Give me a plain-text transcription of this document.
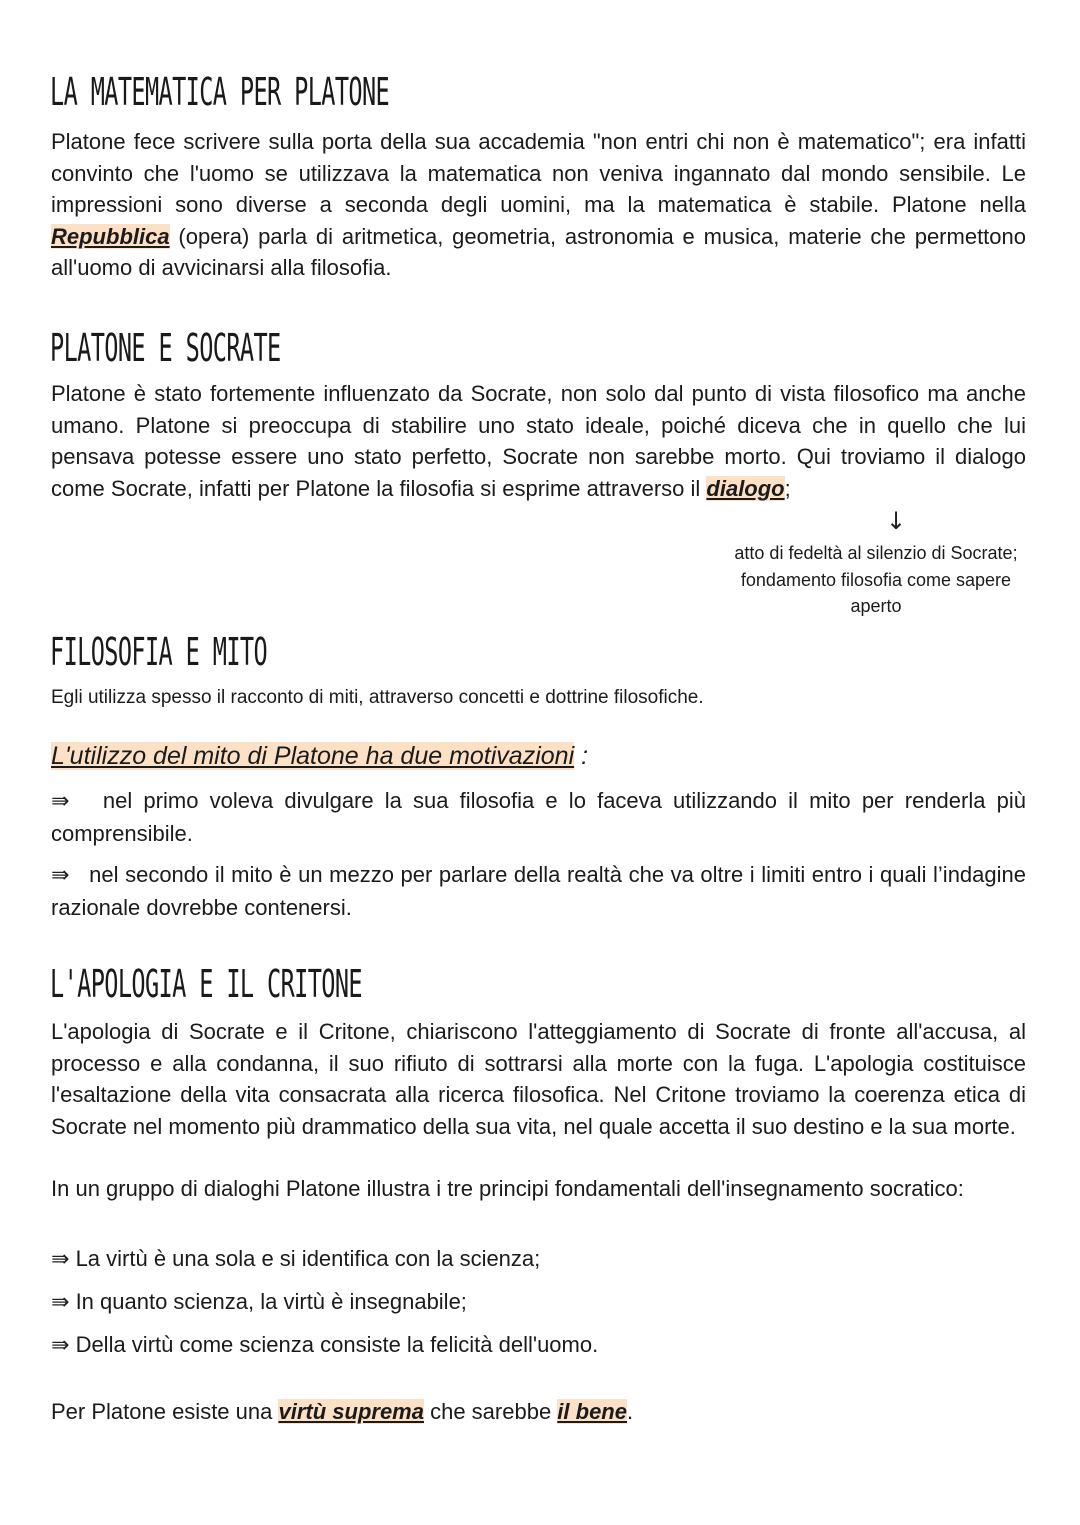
LA MATEMATICA PER PLATONE

Platone fece scrivere sulla porta della sua accademia "non entri chi non è matematico"; era infatti convinto che l'uomo se utilizzava la matematica non veniva ingannato dal mondo sensibile. Le impressioni sono diverse a seconda degli uomini, ma la matematica è stabile. Platone nella Repubblica (opera) parla di aritmetica, geometria, astronomia e musica, materie che permettono all'uomo di avvicinarsi alla filosofia.

PLATONE E SOCRATE

Platone è stato fortemente influenzato da Socrate, non solo dal punto di vista filosofico ma anche umano. Platone si preoccupa di stabilire uno stato ideale, poiché diceva che in quello che lui pensava potesse essere uno stato perfetto, Socrate non sarebbe morto. Qui troviamo il dialogo come Socrate, infatti per Platone la filosofia si esprime attraverso il dialogo;

↓

atto di fedeltà al silenzio di Socrate; fondamento filosofia come sapere aperto

FILOSOFIA E MITO

Egli utilizza spesso il racconto di miti, attraverso concetti e dottrine filosofiche.

L'utilizzo del mito di Platone ha due motivazioni :

⇛ nel primo voleva divulgare la sua filosofia e lo faceva utilizzando il mito per renderla più comprensibile.

⇛ nel secondo il mito è un mezzo per parlare della realtà che va oltre i limiti entro i quali l’indagine razionale dovrebbe contenersi.

L'APOLOGIA E IL CRITONE

L'apologia di Socrate e il Critone, chiariscono l'atteggiamento di Socrate di fronte all'accusa, al processo e alla condanna, il suo rifiuto di sottrarsi alla morte con la fuga. L'apologia costituisce l'esaltazione della vita consacrata alla ricerca filosofica. Nel Critone troviamo la coerenza etica di Socrate nel momento più drammatico della sua vita, nel quale accetta il suo destino e la sua morte.

In un gruppo di dialoghi Platone illustra i tre principi fondamentali dell'insegnamento socratico:

⇛ La virtù è una sola e si identifica con la scienza;

⇛ In quanto scienza, la virtù è insegnabile;

⇛ Della virtù come scienza consiste la felicità dell'uomo.

Per Platone esiste una virtù suprema che sarebbe il bene.
